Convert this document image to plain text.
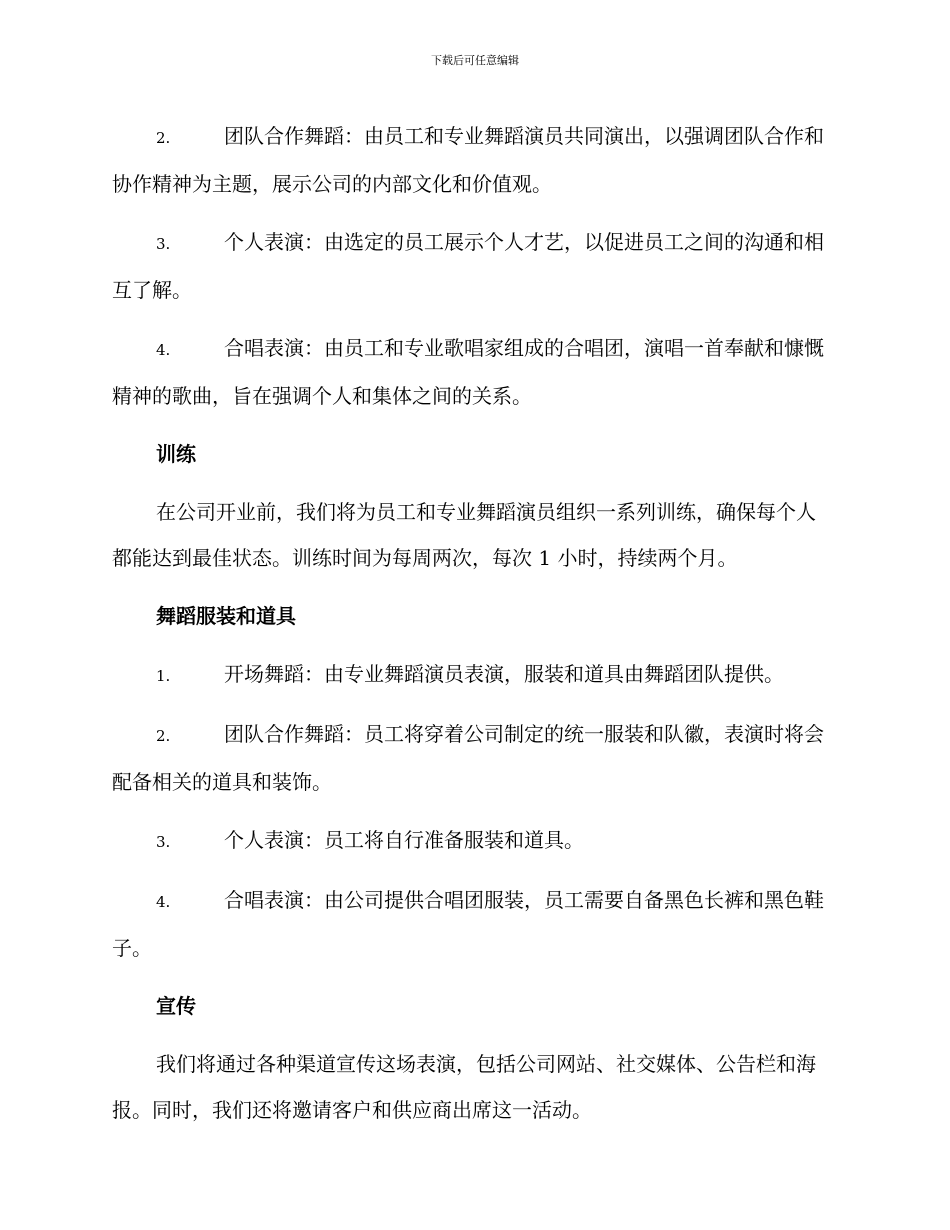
下载后可任意编辑
2.	团队合作舞蹈：由员工和专业舞蹈演员共同演出，以强调团队合作和协作精神为主题，展示公司的内部文化和价值观。
3.	个人表演：由选定的员工展示个人才艺，以促进员工之间的沟通和相互了解。
4.	合唱表演：由员工和专业歌唱家组成的合唱团，演唱一首奉献和慷慨精神的歌曲，旨在强调个人和集体之间的关系。
训练
在公司开业前，我们将为员工和专业舞蹈演员组织一系列训练，确保每个人都能达到最佳状态。训练时间为每周两次，每次 1 小时，持续两个月。
舞蹈服装和道具
1.	开场舞蹈：由专业舞蹈演员表演，服装和道具由舞蹈团队提供。
2.	团队合作舞蹈：员工将穿着公司制定的统一服装和队徽，表演时将会配备相关的道具和装饰。
3.	个人表演：员工将自行准备服装和道具。
4.	合唱表演：由公司提供合唱团服装，员工需要自备黑色长裤和黑色鞋子。
宣传
我们将通过各种渠道宣传这场表演，包括公司网站、社交媒体、公告栏和海报。同时，我们还将邀请客户和供应商出席这一活动。
